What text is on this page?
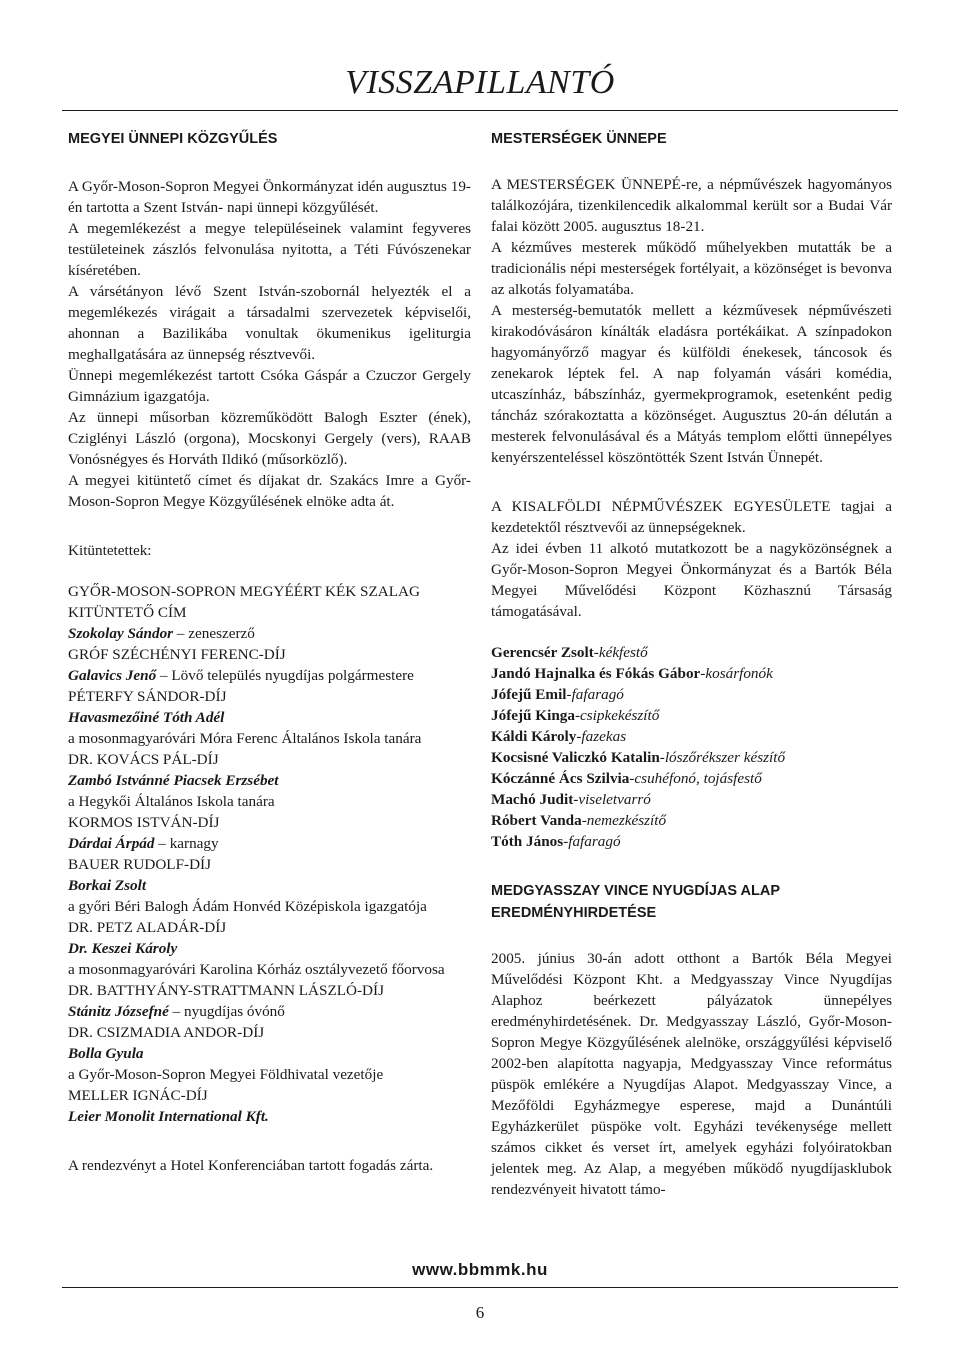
VISSZAPILLANTÓ
MEGYEI ÜNNEPI KÖZGYŰLÉS

A Győr-Moson-Sopron Megyei Önkormányzat idén augusztus 19-én tartotta a Szent István- napi ünnepi közgyűlését.

A megemlékezést a megye településeinek valamint fegyveres testületeinek zászlós felvonulása nyitotta, a Téti Fúvószenekar kíséretében.

A vársétányon lévő Szent István-szobornál helyezték el a megemlékezés virágait a társadalmi szervezetek képviselői, ahonnan a Bazilikába vonultak ökumenikus igeliturgia meghallgatására az ünnepség résztvevői.

Ünnepi megemlékezést tartott Csóka Gáspár a Czuczor Gergely Gimnázium igazgatója.

Az ünnepi műsorban közreműködött Balogh Eszter (ének), Cziglényi László (orgona), Mocskonyi Gergely (vers), RAAB Vonósnégyes és Horváth Ildikó (műsorközlő).

A megyei kitüntető címet és díjakat dr. Szakács Imre a Győr-Moson-Sopron Megye Közgyűlésének elnöke adta át.

Kitüntetettek:

GYŐR-MOSON-SOPRON MEGYÉÉRT KÉK SZALAG KITÜNTETŐ CÍM
Szokolay Sándor – zeneszerző
GRÓF SZÉCHÉNYI FERENC-DÍJ
Galavics Jenő – Lövő település nyugdíjas polgármestere
PÉTERFY SÁNDOR-DÍJ
Havasmezőiné Tóth Adél
a mosonmagyaróvári Móra Ferenc Általános Iskola tanára
DR. KOVÁCS PÁL-DÍJ
Zambó Istvánné Piacsek Erzsébet
a Hegykői Általános Iskola tanára
KORMOS ISTVÁN-DÍJ
Dárdai Árpád – karnagy
BAUER RUDOLF-DÍJ
Borkai Zsolt
a győri Béri Balogh Ádám Honvéd Középiskola igazgatója
DR. PETZ ALADÁR-DÍJ
Dr. Keszei Károly
a mosonmagyaróvári Karolina Kórház osztályvezető főorvosa
DR. BATTHYÁNY-STRATTMANN LÁSZLÓ-DÍJ
Stánitz Józsefné – nyugdíjas óvónő
DR. CSIZMADIA ANDOR-DÍJ
Bolla Gyula
a Győr-Moson-Sopron Megyei Földhivatal vezetője
MELLER IGNÁC-DÍJ
Leier Monolit International Kft.

A rendezvényt a Hotel Konferenciában tartott fogadás zárta.

MESTERSÉGEK ÜNNEPE

A MESTERSÉGEK ÜNNEPÉ-re, a népművészek hagyományos találkozójára, tizenkilencedik alkalommal került sor a Budai Vár falai között 2005. augusztus 18-21.

A kézműves mesterek működő műhelyekben mutatták be a tradicionális népi mesterségek fortélyait, a közönséget is bevonva az alkotás folyamatába.

A mesterség-bemutatók mellett a kézművesek népművészeti kirakodóvásáron kínálták eladásra portékáikat. A színpadokon hagyományőrző magyar és külföldi énekesek, táncosok és zenekarok léptek fel. A nap folyamán vásári komédia, utcaszínház, bábszínház, gyermekprogramok, esetenként pedig táncház szórakoztatta a közönséget. Augusztus 20-án délután a mesterek felvonulásával és a Mátyás templom előtti ünnepélyes kenyérszenteléssel köszöntötték Szent István Ünnepét.

A KISALFÖLDI NÉPMŰVÉSZEK EGYESÜLETE tagjai a kezdetektől résztvevői az ünnepségeknek.

Az idei évben 11 alkotó mutatkozott be a nagyközönségnek a Győr-Moson-Sopron Megyei Önkormányzat és a Bartók Béla Megyei Művelődési Központ Közhasznú Társaság támogatásával.

Gerencsér Zsolt-kékfestő
Jandó Hajnalka és Fókás Gábor-kosárfonók
Jófejű Emil-fafaragó
Jófejű Kinga-csipkekészítő
Káldi Károly-fazekas
Kocsisné Valiczkó Katalin-lószőrékszer készítő
Kóczánné Ács Szilvia-csuhéfonó, tojásfestő
Machó Judit-viseletvarró
Róbert Vanda-nemezkészítő
Tóth János-fafaragó
MEDGYASSZAY VINCE NYUGDÍJAS ALAP EREDMÉNYHIRDETÉSE

2005. június 30-án adott otthont a Bartók Béla Megyei Művelődési Központ Kht. a Medgyasszay Vince Nyugdíjas Alaphoz beérkezett pályázatok ünnepélyes eredményhirdetésének. Dr. Medgyasszay László, Győr-Moson-Sopron Megye Közgyűlésének alelnöke, országgyűlési képviselő 2002-ben alapította nagyapja, Medgyasszay Vince református püspök emlékére a Nyugdíjas Alapot. Medgyasszay Vince, a Mezőföldi Egyházmegye esperese, majd a Dunántúli Egyházkerület püspöke volt. Egyházi tevékenysége mellett számos cikket és verset írt, amelyek egyházi folyóiratokban jelentek meg. Az Alap, a megyében működő nyugdíjasklubok rendezvényeit hivatott támo-

www.bbmmk.hu
6
